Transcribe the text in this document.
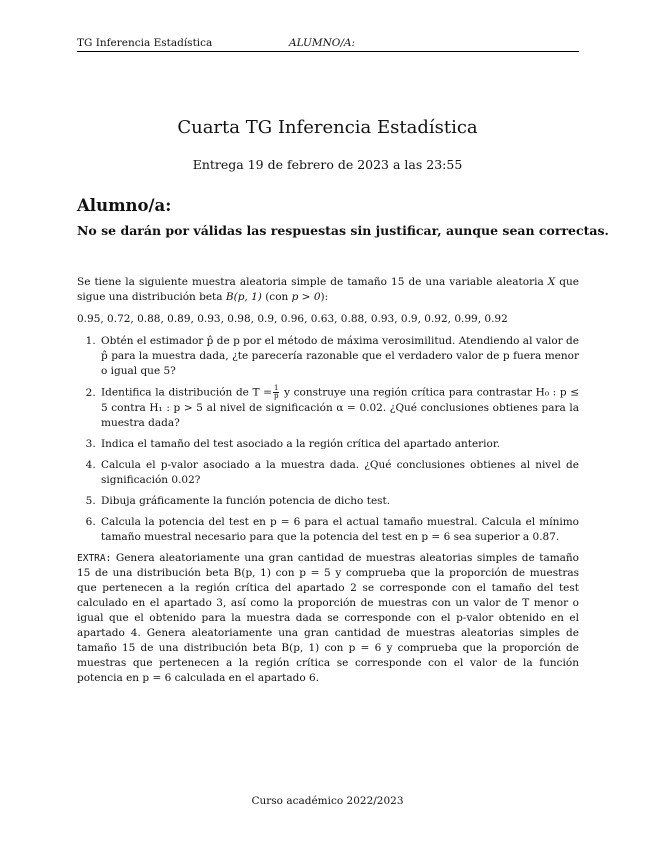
TG Inferencia Estadística	ALUMNO/A:
Cuarta TG Inferencia Estadística
Entrega 19 de febrero de 2023 a las 23:55
Alumno/a:
No se darán por válidas las respuestas sin justificar, aunque sean correctas.

Se tiene la siguiente muestra aleatoria simple de tamaño 15 de una variable aleatoria X que sigue una distribución beta B(p, 1) (con p > 0):

0.95, 0.72, 0.88, 0.89, 0.93, 0.98, 0.9, 0.96, 0.63, 0.88, 0.93, 0.9, 0.92, 0.99, 0.92

1. Obtén el estimador p̂ de p por el método de máxima verosimilitud. Atendiendo al valor de p̂ para la muestra dada, ¿te parecería razonable que el verdadero valor de p fuera menor o igual que 5?
2. Identifica la distribución de $T = \frac{1}{p̂}$ y construye una región crítica para contrastar H₀ : p ≤ 5 contra H₁ : p > 5 al nivel de significación α = 0.02. ¿Qué conclusiones obtienes para la muestra dada?
3. Indica el tamaño del test asociado a la región crítica del apartado anterior.
4. Calcula el p-valor asociado a la muestra dada. ¿Qué conclusiones obtienes al nivel de significación 0.02?
5. Dibuja gráficamente la función potencia de dicho test.
6. Calcula la potencia del test en p = 6 para el actual tamaño muestral. Calcula el mínimo tamaño muestral necesario para que la potencia del test en p = 6 sea superior a 0.87.

EXTRA: Genera aleatoriamente una gran cantidad de muestras aleatorias simples de tamaño 15 de una distribución beta B(p, 1) con p = 5 y comprueba que la proporción de muestras que pertenecen a la región crítica del apartado 2 se corresponde con el tamaño del test calculado en el apartado 3, así como la proporción de muestras con un valor de T menor o igual que el obtenido para la muestra dada se corresponde con el p-valor obtenido en el apartado 4. Genera aleatoriamente una gran cantidad de muestras aleatorias simples de tamaño 15 de una distribución beta B(p, 1) con p = 6 y comprueba que la proporción de muestras que pertenecen a la región crítica se corresponde con el valor de la función potencia en p = 6 calculada en el apartado 6.

Curso académico 2022/2023
